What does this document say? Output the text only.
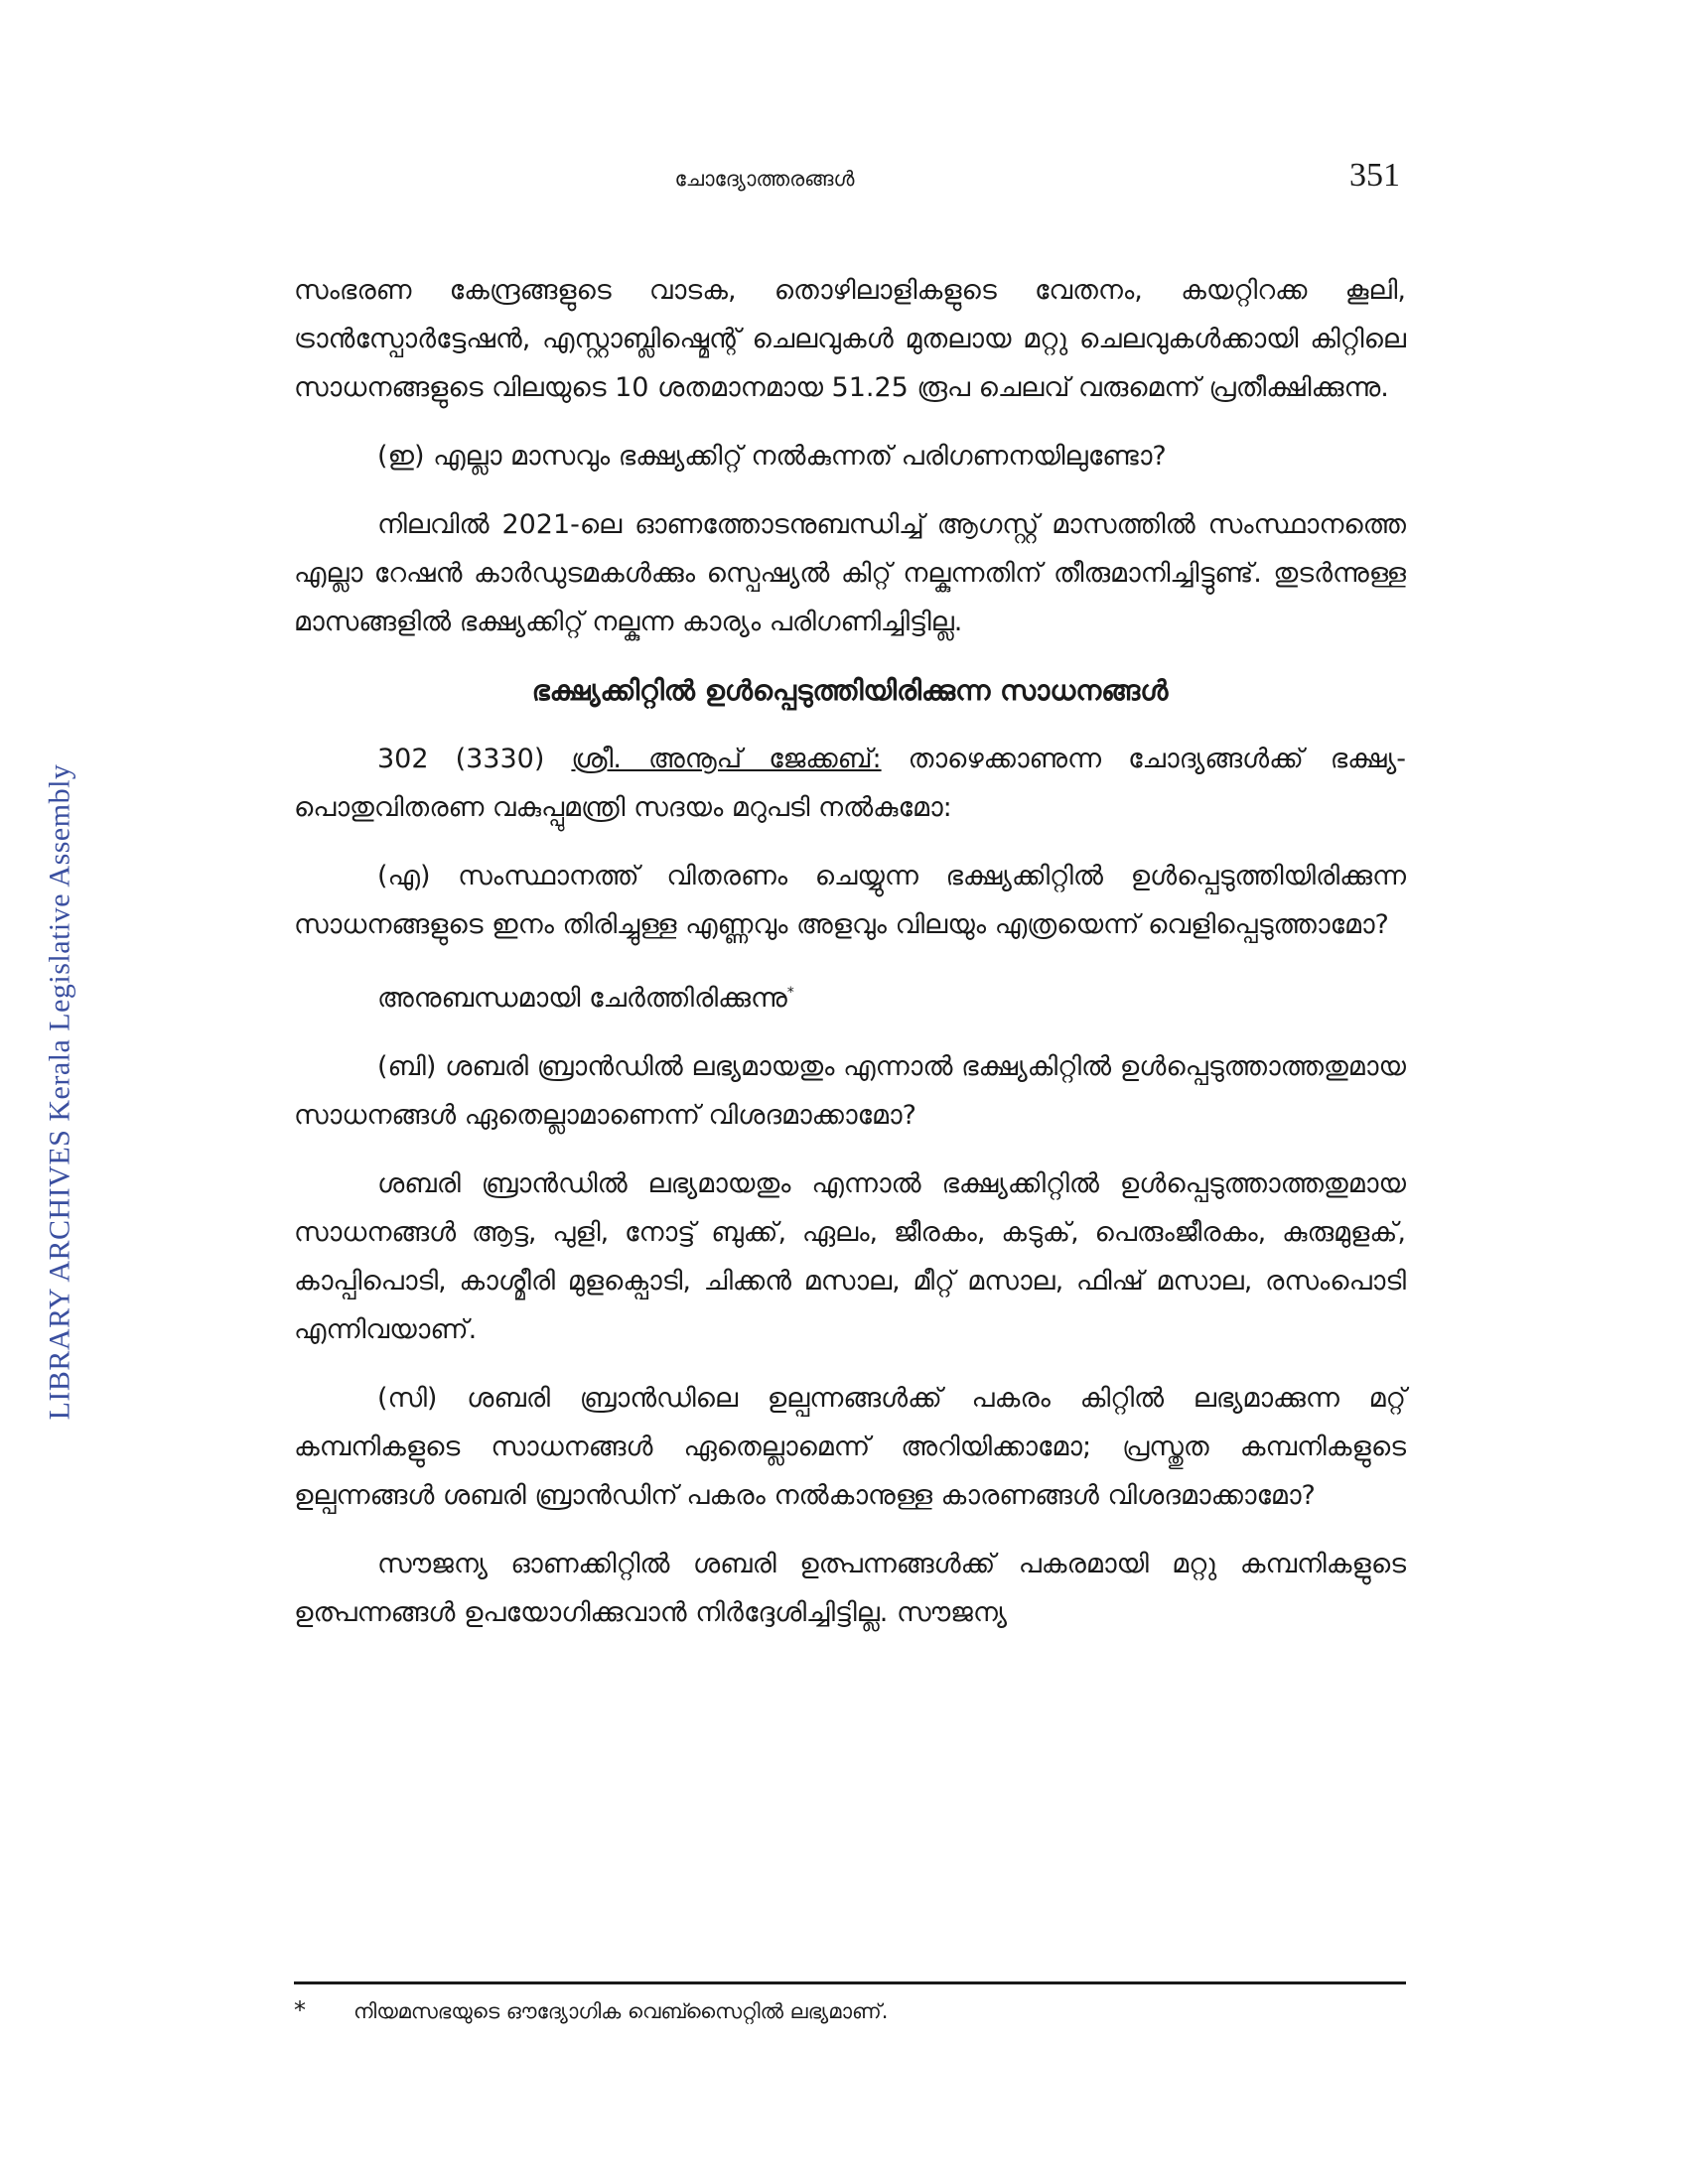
LIBRARY ARCHIVES Kerala Legislative Assembly
ചോദ്യോത്തരങ്ങൾ	351

സംഭരണ കേന്ദ്രങ്ങളുടെ വാടക, തൊഴിലാളികളുടെ വേതനം, കയറ്റിറക്ക കൂലി, ട്രാൻസ്പോർട്ടേഷൻ, എസ്റ്റാബ്ലിഷ്മെന്റ് ചെലവുകൾ മുതലായ മറ്റു ചെലവുകൾക്കായി കിറ്റിലെ സാധനങ്ങളുടെ വിലയുടെ 10 ശതമാനമായ 51.25 രൂപ ചെലവ് വരുമെന്ന് പ്രതീക്ഷിക്കുന്നു.

(ഇ) എല്ലാ മാസവും ഭക്ഷ്യക്കിറ്റ് നൽകുന്നത് പരിഗണനയിലുണ്ടോ?

നിലവിൽ 2021-ലെ ഓണത്തോടനുബന്ധിച്ച് ആഗസ്റ്റ് മാസത്തിൽ സംസ്ഥാനത്തെ എല്ലാ റേഷൻ കാർഡുടമകൾക്കും സ്പെഷ്യൽ കിറ്റ് നല്കുന്നതിന് തീരുമാനിച്ചിട്ടുണ്ട്. തുടർന്നുള്ള മാസങ്ങളിൽ ഭക്ഷ്യക്കിറ്റ് നല്കുന്ന കാര്യം പരിഗണിച്ചിട്ടില്ല.

ഭക്ഷ്യക്കിറ്റിൽ ഉൾപ്പെടുത്തിയിരിക്കുന്ന സാധനങ്ങൾ

302 (3330) ശ്രീ. അനൂപ് ജേക്കബ്: താഴെക്കാണുന്ന ചോദ്യങ്ങൾക്ക് ഭക്ഷ്യ-പൊതുവിതരണ വകുപ്പുമന്ത്രി സദയം മറുപടി നൽകുമോ:

(എ) സംസ്ഥാനത്ത് വിതരണം ചെയ്യുന്ന ഭക്ഷ്യക്കിറ്റിൽ ഉൾപ്പെടുത്തിയിരിക്കുന്ന സാധനങ്ങളുടെ ഇനം തിരിച്ചുള്ള എണ്ണവും അളവും വിലയും എത്രയെന്ന് വെളിപ്പെടുത്താമോ?

അനുബന്ധമായി ചേർത്തിരിക്കുന്നു*

(ബി) ശബരി ബ്രാൻഡിൽ ലഭ്യമായതും എന്നാൽ ഭക്ഷ്യകിറ്റിൽ ഉൾപ്പെടുത്താത്തതുമായ സാധനങ്ങൾ ഏതെല്ലാമാണെന്ന് വിശദമാക്കാമോ?

ശബരി ബ്രാൻഡിൽ ലഭ്യമായതും എന്നാൽ ഭക്ഷ്യക്കിറ്റിൽ ഉൾപ്പെടുത്താത്തതുമായ സാധനങ്ങൾ ആട്ട, പുളി, നോട്ട് ബുക്ക്, ഏലം, ജീരകം, കടുക്, പെരുംജീരകം, കുരുമുളക്, കാപ്പിപൊടി, കാശ്മീരി മുളക്പൊടി, ചിക്കൻ മസാല, മീറ്റ് മസാല, ഫിഷ് മസാല, രസംപൊടി എന്നിവയാണ്.

(സി) ശബരി ബ്രാൻഡിലെ ഉല്പന്നങ്ങൾക്ക് പകരം കിറ്റിൽ ലഭ്യമാക്കുന്ന മറ്റ് കമ്പനികളുടെ സാധനങ്ങൾ ഏതെല്ലാമെന്ന് അറിയിക്കാമോ; പ്രസ്തുത കമ്പനികളുടെ ഉല്പന്നങ്ങൾ ശബരി ബ്രാൻഡിന് പകരം നൽകാനുള്ള കാരണങ്ങൾ വിശദമാക്കാമോ?

സൗജന്യ ഓണക്കിറ്റിൽ ശബരി ഉത്പന്നങ്ങൾക്ക് പകരമായി മറ്റു കമ്പനികളുടെ ഉത്പന്നങ്ങൾ ഉപയോഗിക്കുവാൻ നിർദ്ദേശിച്ചിട്ടില്ല. സൗജന്യ

*	നിയമസഭയുടെ ഔദ്യോഗിക വെബ്സൈറ്റിൽ ലഭ്യമാണ്.
